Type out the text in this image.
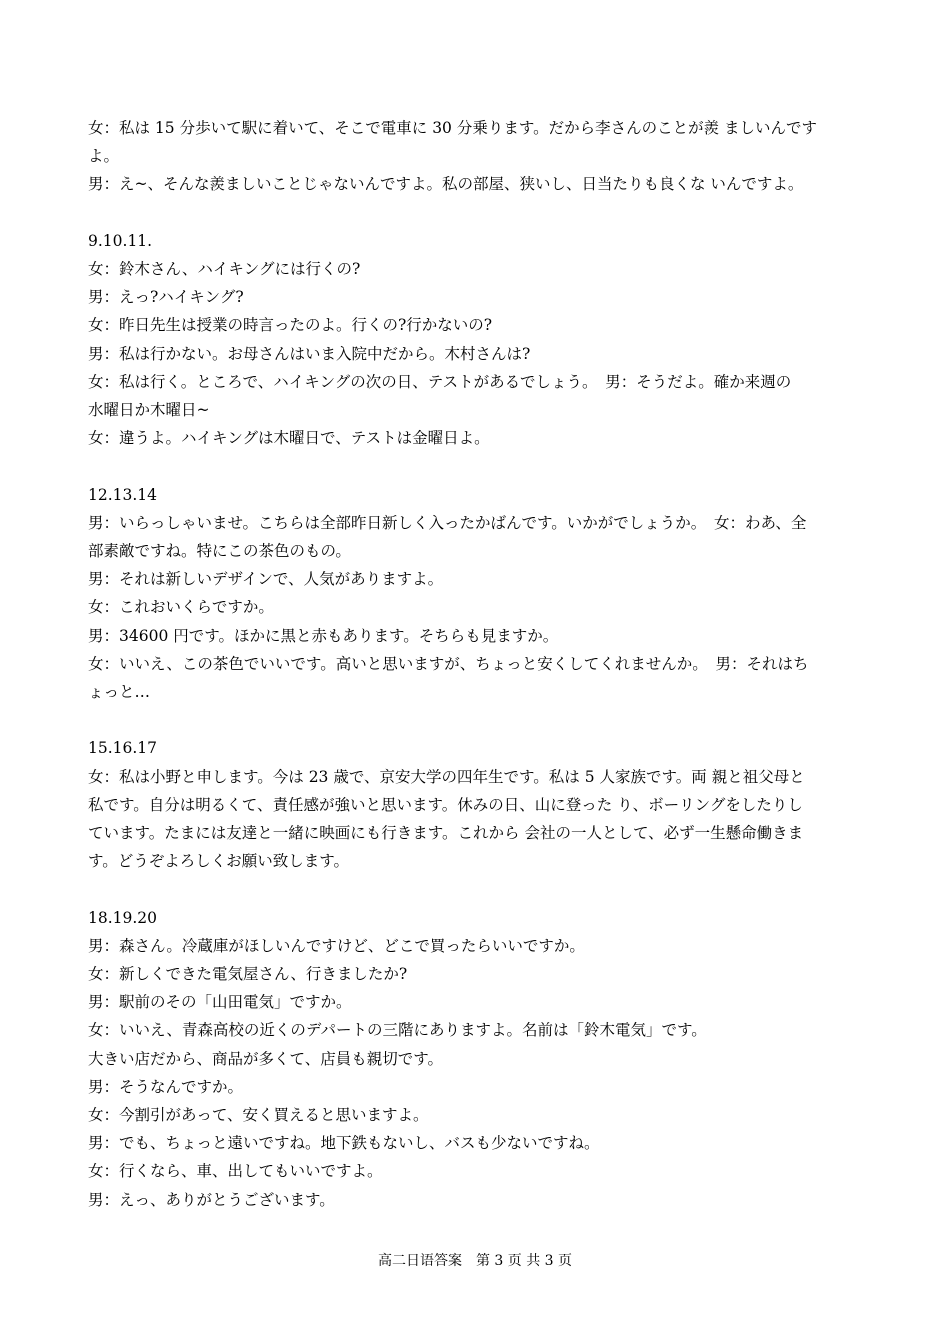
女：私は 15 分歩いて駅に着いて、そこで電車に 30 分乗ります。だから李さんのことが羨 ましいんです

よ。

男：え~、そんな羨ましいことじゃないんですよ。私の部屋、狭いし、日当たりも良くな いんですよ。

9.10.11.

女：鈴木さん、ハイキングには行くの?

男：えっ?ハイキング?

女：昨日先生は授業の時言ったのよ。行くの?行かないの?

男：私は行かない。お母さんはいま入院中だから。木村さんは?

女：私は行く。ところで、ハイキングの次の日、テストがあるでしょう。　男：そうだよ。確か来週の

水曜日か木曜日~

女：違うよ。ハイキングは木曜日で、テストは金曜日よ。

12.13.14

男：いらっしゃいませ。こちらは全部昨日新しく入ったかばんです。いかがでしょうか。　女：わあ、全

部素敵ですね。特にこの茶色のもの。

男：それは新しいデザインで、人気がありますよ。

女：これおいくらですか。

男：34600 円です。ほかに黒と赤もあります。そちらも見ますか。

女：いいえ、この茶色でいいです。高いと思いますが、ちょっと安くしてくれませんか。　男：それはち

ょっと…

15.16.17

女：私は小野と申します。今は 23 歳で、京安大学の四年生です。私は 5 人家族です。両 親と祖父母と

私です。自分は明るくて、責任感が強いと思います。休みの日、山に登った り、ボーリングをしたりし

ています。たまには友達と一緒に映画にも行きます。これから 会社の一人として、必ず一生懸命働きま

す。どうぞよろしくお願い致します。

18.19.20

男：森さん。冷蔵庫がほしいんですけど、どこで買ったらいいですか。

女：新しくできた電気屋さん、行きましたか?

男：駅前のその「山田電気」ですか。

女：いいえ、青森高校の近くのデパートの三階にありますよ。名前は「鈴木電気」です。

大きい店だから、商品が多くて、店員も親切です。

男：そうなんですか。

女：今割引があって、安く買えると思いますよ。

男：でも、ちょっと遠いですね。地下鉄もないし、バスも少ないですね。

女：行くなら、車、出してもいいですよ。

男：えっ、ありがとうございます。

高二日语答案　第 3 页 共 3 页
